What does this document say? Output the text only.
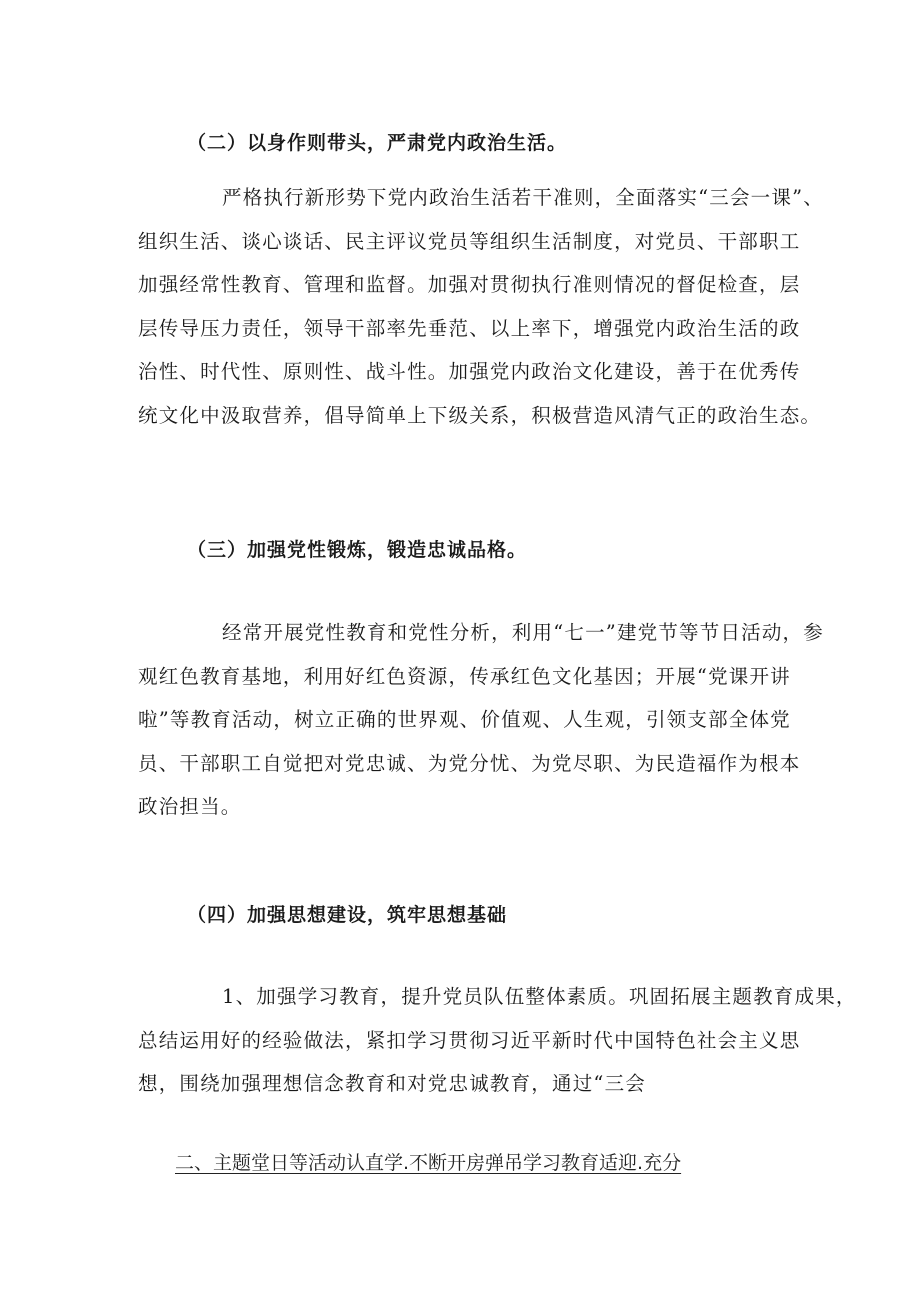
（二）以身作则带头，严肃党内政治生活。
严格执行新形势下党内政治生活若干准则，全面落实“三会一课”、
组织生活、谈心谈话、民主评议党员等组织生活制度，对党员、干部职工
加强经常性教育、管理和监督。加强对贯彻执行准则情况的督促检查，层
层传导压力责任，领导干部率先垂范、以上率下，增强党内政治生活的政
治性、时代性、原则性、战斗性。加强党内政治文化建设，善于在优秀传
统文化中汲取营养，倡导简单上下级关系，积极营造风清气正的政治生态。
（三）加强党性锻炼，锻造忠诚品格。
经常开展党性教育和党性分析，利用“七一”建党节等节日活动，参
观红色教育基地，利用好红色资源，传承红色文化基因；开展“党课开讲
啦”等教育活动，树立正确的世界观、价值观、人生观，引领支部全体党
员、干部职工自觉把对党忠诚、为党分忧、为党尽职、为民造福作为根本
政治担当。
（四）加强思想建设，筑牢思想基础
1、加强学习教育，提升党员队伍整体素质。巩固拓展主题教育成果，
总结运用好的经验做法，紧扣学习贯彻习近平新时代中国特色社会主义思
想，围绕加强理想信念教育和对党忠诚教育，通过“三会
二、主题堂日等活动认直学.不断开房弹吊学习教育适迎.充分
